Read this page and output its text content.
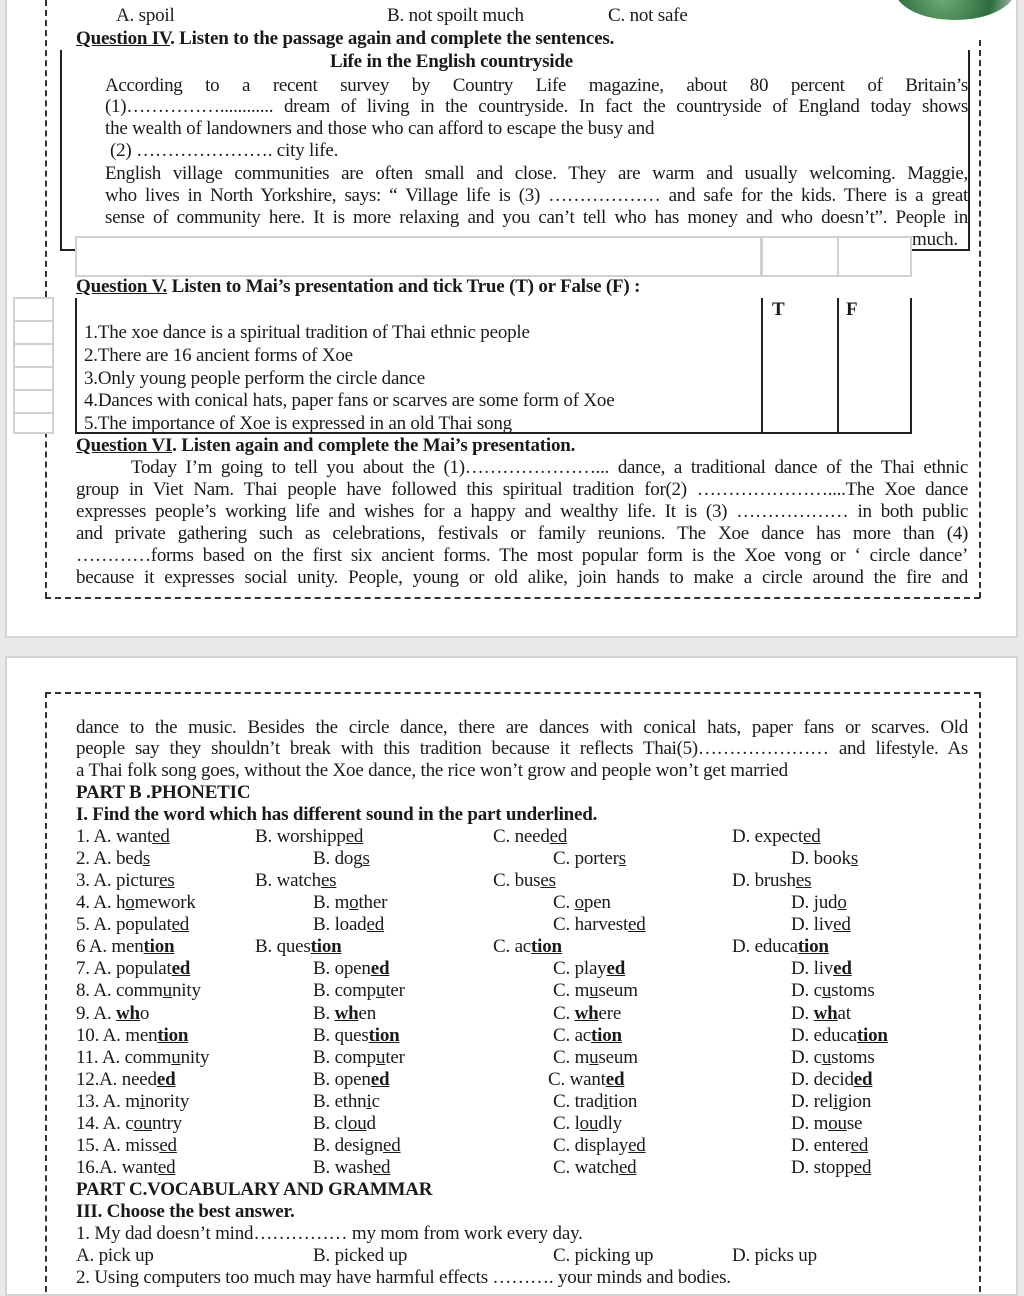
A. spoil	B. not spoilt much	C. not safe
Question IV. Listen to the passage again and complete the sentences.
Life in the English countryside
According to a recent survey by Country Life magazine, about 80 percent of Britain’s
(1)……………............ dream of living in the countryside. In fact the countryside of England today shows
the wealth of landowners and those who can afford to escape the busy and
(2) …………………. city life.
English village communities are often small and close. They are warm and usually welcoming. Maggie,
who lives in North Yorkshire, says: “ Village life is (3) ……………… and safe for the kids. There is a great
sense of community here. It is more relaxing and you can’t tell who has money and who doesn’t”. People in
much.
Question V. Listen to Mai’s presentation and tick True (T) or False (F) :
T	F
1.The xoe dance is a spiritual tradition of Thai ethnic people
2.There are 16 ancient forms of Xoe
3.Only young people perform the circle dance
4.Dances with conical hats, paper fans or scarves are some form of Xoe
5.The importance of Xoe is expressed in an old Thai song
Question VI. Listen again and complete the Mai’s presentation.
Today I’m going to tell you about the (1)…………………... dance, a traditional dance of the Thai ethnic
group in Viet Nam. Thai people have followed this spiritual tradition for(2) …………………....The Xoe dance
expresses people’s working life and wishes for a happy and wealthy life. It is (3) ……………… in both public
and private gathering such as celebrations, festivals or family reunions. The Xoe dance has more than (4)
…………forms based on the first six ancient forms. The most popular form is the Xoe vong or ‘ circle dance’
because it expresses social unity. People, young or old alike, join hands to make a circle around the fire and
dance to the music. Besides the circle dance, there are dances with conical hats, paper fans or scarves. Old
people say they shouldn’t break with this tradition because it reflects Thai(5)………………… and lifestyle. As
a Thai folk song goes, without the Xoe dance, the rice won’t grow and people won’t get married
PART B .PHONETIC
I. Find the word which has different sound in the part underlined.
1. A. wanted	B. worshipped	C. needed	D. expected
2. A. beds	B. dogs	C. porters	D. books
3. A. pictures	B. watches	C. buses	D. brushes
4. A. homework	B. mother	C. open	D. judo
5. A. populated	B. loaded	C. harvested	D. lived
6 A. mention	B. question	C. action	D. education
7. A. populated	B. opened	C. played	D. lived
8. A. community	B. computer	C. museum	D. customs
9. A. who	B. when	C. where	D. what
10. A. mention	B. question	C. action	D. education
11. A. community	B. computer	C. museum	D. customs
12.A. needed	B. opened	C. wanted	D. decided
13. A. minority	B. ethnic	C. tradition	D. religion
14. A. country	B. cloud	C. loudly	D. mouse
15. A. missed	B. designed	C. displayed	D. entered
16.A. wanted	B. washed	C. watched	D. stopped
PART C.VOCABULARY AND GRAMMAR
III. Choose the best answer.
1. My dad doesn’t mind…………… my mom from work every day.
A. pick up	B. picked up	C. picking up	D. picks up
2. Using computers too much may have harmful effects ………. your minds and bodies.
